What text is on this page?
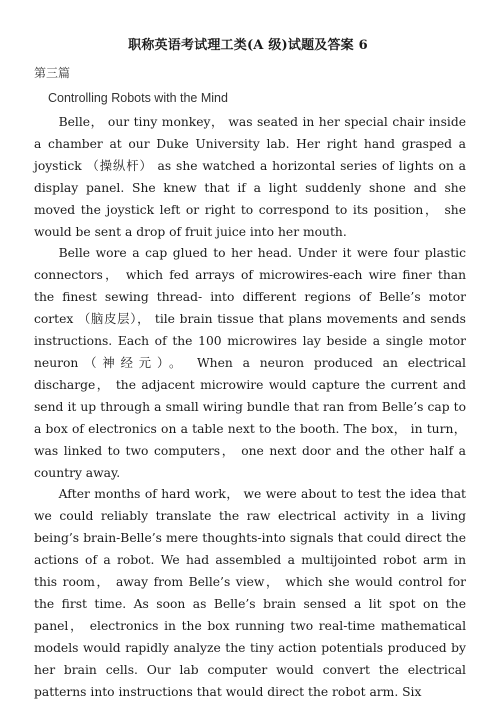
职称英语考试理工类(A 级)试题及答案 6
第三篇
Controlling Robots with the Mind

Belle， our tiny monkey， was seated in her special chair inside a chamber at our Duke University lab. Her right hand grasped a joystick （操纵杆） as she watched a horizontal series of lights on a display panel. She knew that if a light suddenly shone and she moved the joystick left or right to correspond to its position， she would be sent a drop of fruit juice into her mouth.

Belle wore a cap glued to her head. Under it were four plastic connectors， which fed arrays of microwires-each wire finer than the finest sewing thread- into different regions of Belle’s motor cortex （脑皮层）， tile brain tissue that plans movements and sends instructions. Each of the 100 microwires lay beside a single motor neuron（神经元）。 When a neuron produced an electrical discharge， the adjacent microwire would capture the current and send it up through a small wiring bundle that ran from Belle’s cap to a box of electronics on a table next to the booth. The box， in turn， was linked to two computers， one next door and the other half a country away.

After months of hard work， we were about to test the idea that we could reliably translate the raw electrical activity in a living being’s brain-Belle’s mere thoughts-into signals that could direct the actions of a robot. We had assembled a multijointed robot arm in this room， away from Belle’s view， which she would control for the first time. As soon as Belle’s brain sensed a lit spot on the panel， electronics in the box running two real-time mathematical models would rapidly analyze the tiny action potentials produced by her brain cells. Our lab computer would convert the electrical patterns into instructions that would direct the robot arm. Six
